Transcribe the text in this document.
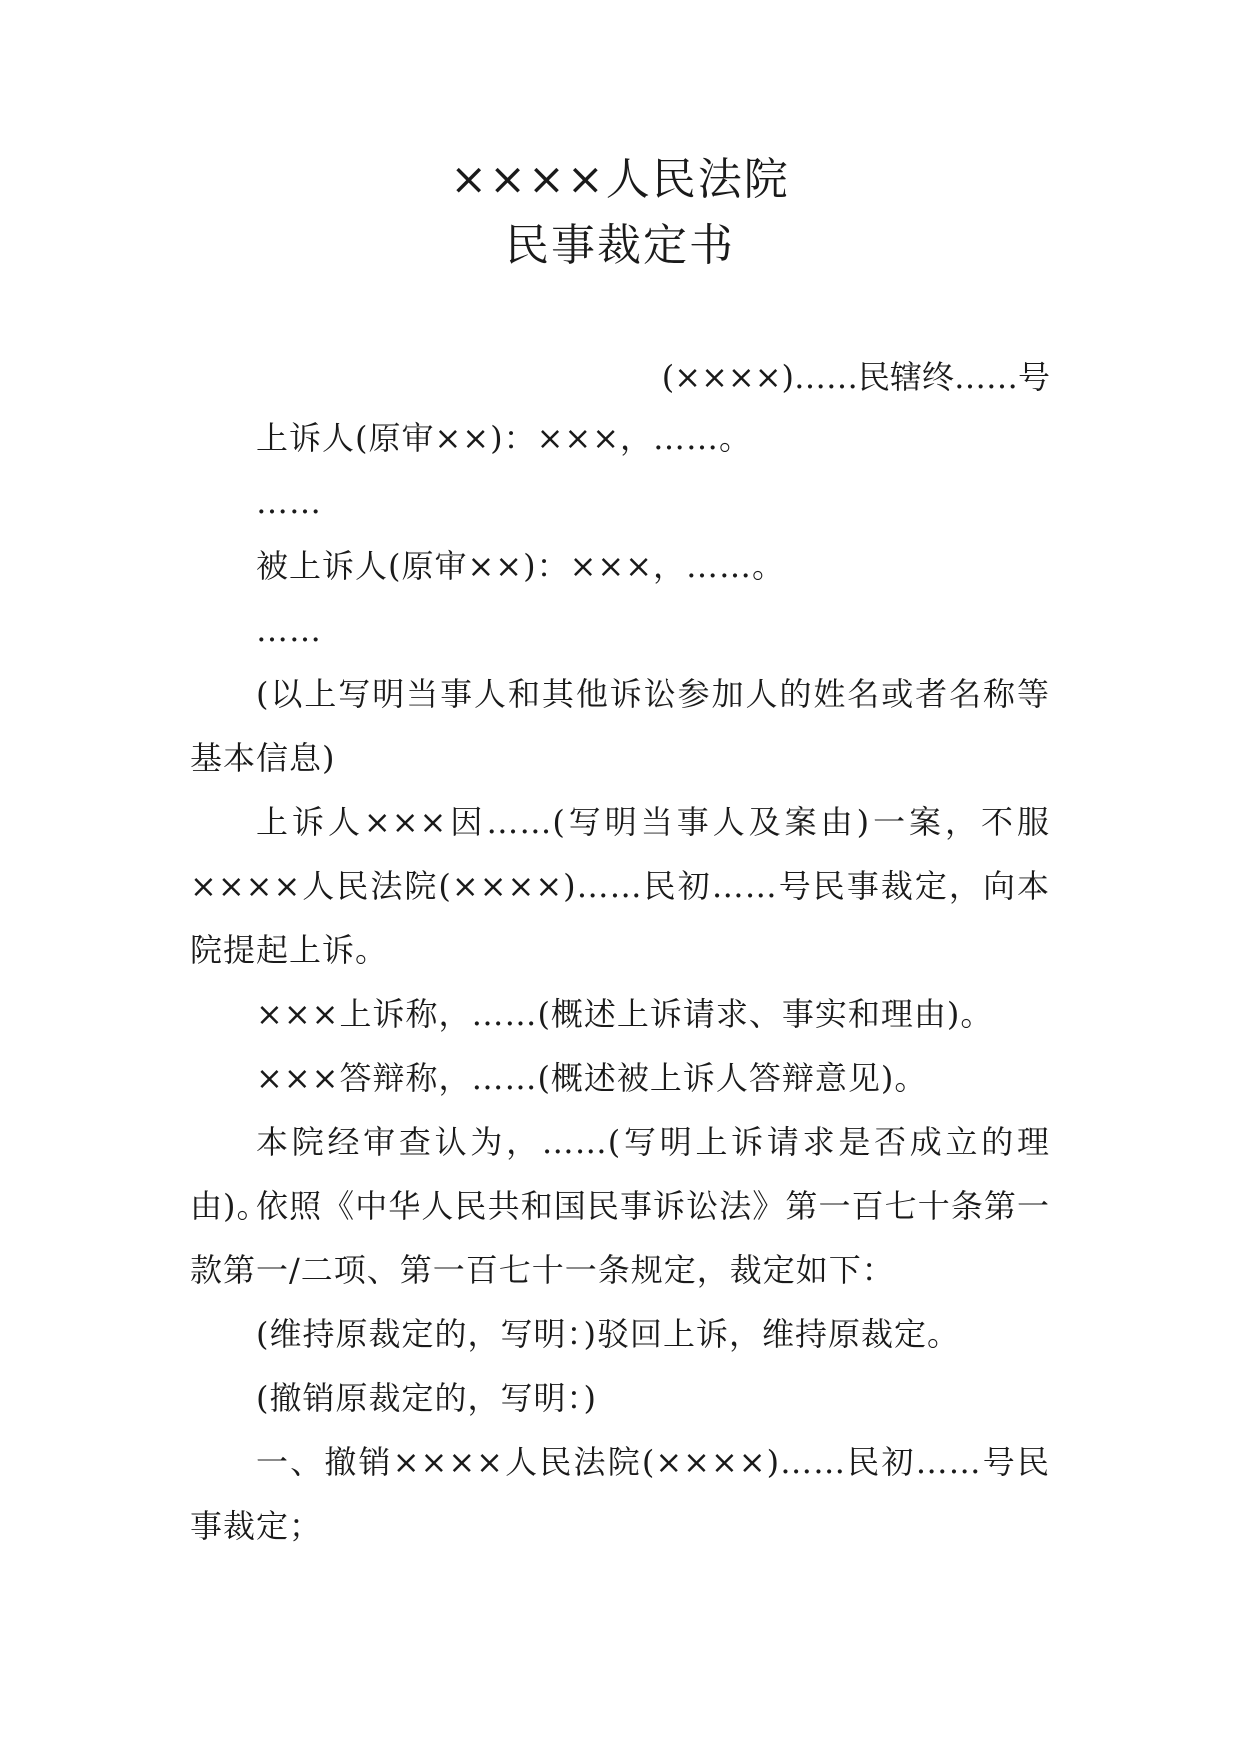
××××人民法院
民事裁定书
(××××)……民辖终……号
上诉人(原审××)：×××，……。
……
被上诉人(原审××)：×××，……。
……
(以上写明当事人和其他诉讼参加人的姓名或者名称等基本信息)
上诉人×××因……(写明当事人及案由)一案，不服××××人民法院(××××)……民初……号民事裁定，向本院提起上诉。
×××上诉称，……(概述上诉请求、事实和理由)。
×××答辩称，……(概述被上诉人答辩意见)。
本院经审查认为，……(写明上诉请求是否成立的理由)。
依照《中华人民共和国民事诉讼法》第一百七十条第一款第一/二项、第一百七十一条规定，裁定如下：
(维持原裁定的，写明：)驳回上诉，维持原裁定。
(撤销原裁定的，写明：)
一、撤销××××人民法院(××××)……民初……号民事裁定；
